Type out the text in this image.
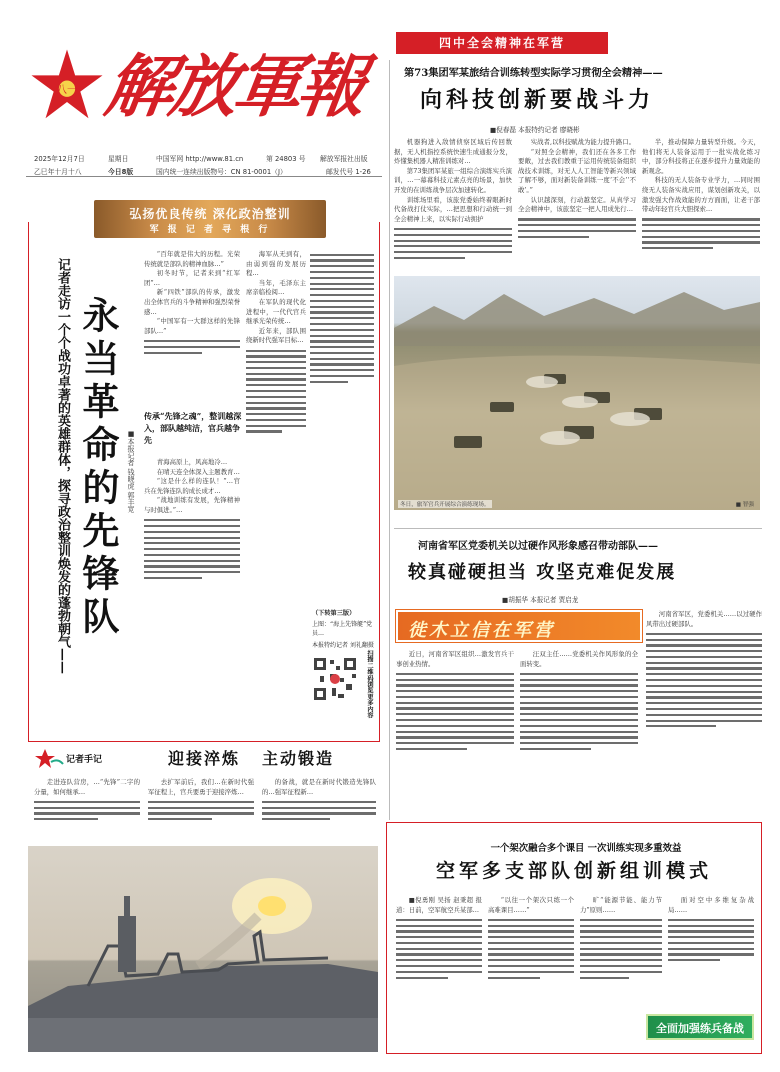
八一 解放軍報
2025年12月7日	星期日
乙巳年十月十八	今日8版
中国军网 http://www.81.cn	第 24803 号 解放军报社出版
国内统一连续出版物号：CN 81-0001（J）	邮发代号 1-26
四中全会精神在军营
第73集团军某旅结合训练转型实际学习贯彻全会精神——
向科技创新要战斗力
■倪春磊 本报特约记者 廖晓彬

机器狗进入敌情侦察区域后传回数据，无人机指控系统快速生成通报分发，炸懂集机器人精准训练对…

第73集团军某旅一组综合演练实兵演训，…一幕幕科技元素点亮的场景，加快开发的在训练战争层次加速转化。

训练场里看，该旅党委始终着眼新时代备战打仗实际，…把思想和行动统一到全会精神上来，以实际行动拥护

实战者,以科技赋战为能力提升路口。

“对照全会精神，我们还在各多工作要敞，过去我们教重于运用传统装备组织战技术训练，对无人人工智能等新兴领域了解不够，面对新装备训练一度‘不会’‘不敢’。”

认识越深刻，行动越坚定。从真学习全会精神中，该旅坚定一把人用成先行…

半，推动保障力量转型升级。今天，他们将无人装备运用于一批实战化练习中，部分科技将正在逐步提升力量效能的新观念。

科技的无人装备专业学力，…同时围绕无人装备实战应用，谋划创新攻关，以激发强大作战效能的方方面面，让老干部带动年轻官兵大胆探索…

冬日，旅军官兵开展综合演练现场。	■ 智强
弘扬优良传统 深化政治整训
军 报 记 者 寻 根 行
记者走访一个个战功卓著的英雄群体，探寻政治整训焕发的蓬勃朝气—— 永当革命的先锋队	■本报记者 钱晓虎 郭丰宽

“百年就是伟大的历程。光荣传统就是部队的精神血脉…”

初冬时节，记者来到“红军团”…

新“四铁”部队的传承，激发出全体官兵的斗争精神和强烈荣誉感…

“中国军有一大群这样的先锋部队…”

传承“先锋之魂”，整训越深入，部队越纯洁，官兵越争先

青海高原上，风高地冷…

在晴天连全体深入主题教育…

“这是什么样的连队！”…官兵在先锋连队的成长成才…

“战地训练有发展，先锋精神与时俱进。”…

海军从无到有，由弱到强的发展历程…

当年，毛泽东主席亲临检阅…

在军队的现代化进程中，一代代官兵继承光荣传统…

近年来，部队围绕新时代强军目标…

（下转第三版）
上图：“海上先锋艇”党员…
本报特约记者 刘礼翻摄
扫描二维码浏览更多内容
记者手记	迎接淬炼 主动锻造

走进连队营房，…“先锋”二字的分量，如何继承…

去扩军前后，我们…在新时代强军征程上，官兵要勇于迎接淬炼…

的备战，就是在新时代锻造先锋队的…强军征程新…

河南省军区党委机关以过硬作风形象感召带动部队——
较真碰硬担当 攻坚克难促发展
■胡振华 本报记者 贾启龙
徙木立信在军营

近日，河南省军区组织…激发官兵干事创业热情。

汪双主任……党委机关作风形象的全面转变。

河南省军区，党委机关……以过硬作风带出过硬部队。

一个架次融合多个课目 一次训练实现多重效益
空军多支部队创新组训模式

■倪勇刚 吴扬 赵秉超 报道：日前，空军航空兵某部…

“以往一个架次只练一个高难课目……”

旷“能源节能、能力节力”原则……

面对空中多维复杂战局……

全面加强练兵备战
